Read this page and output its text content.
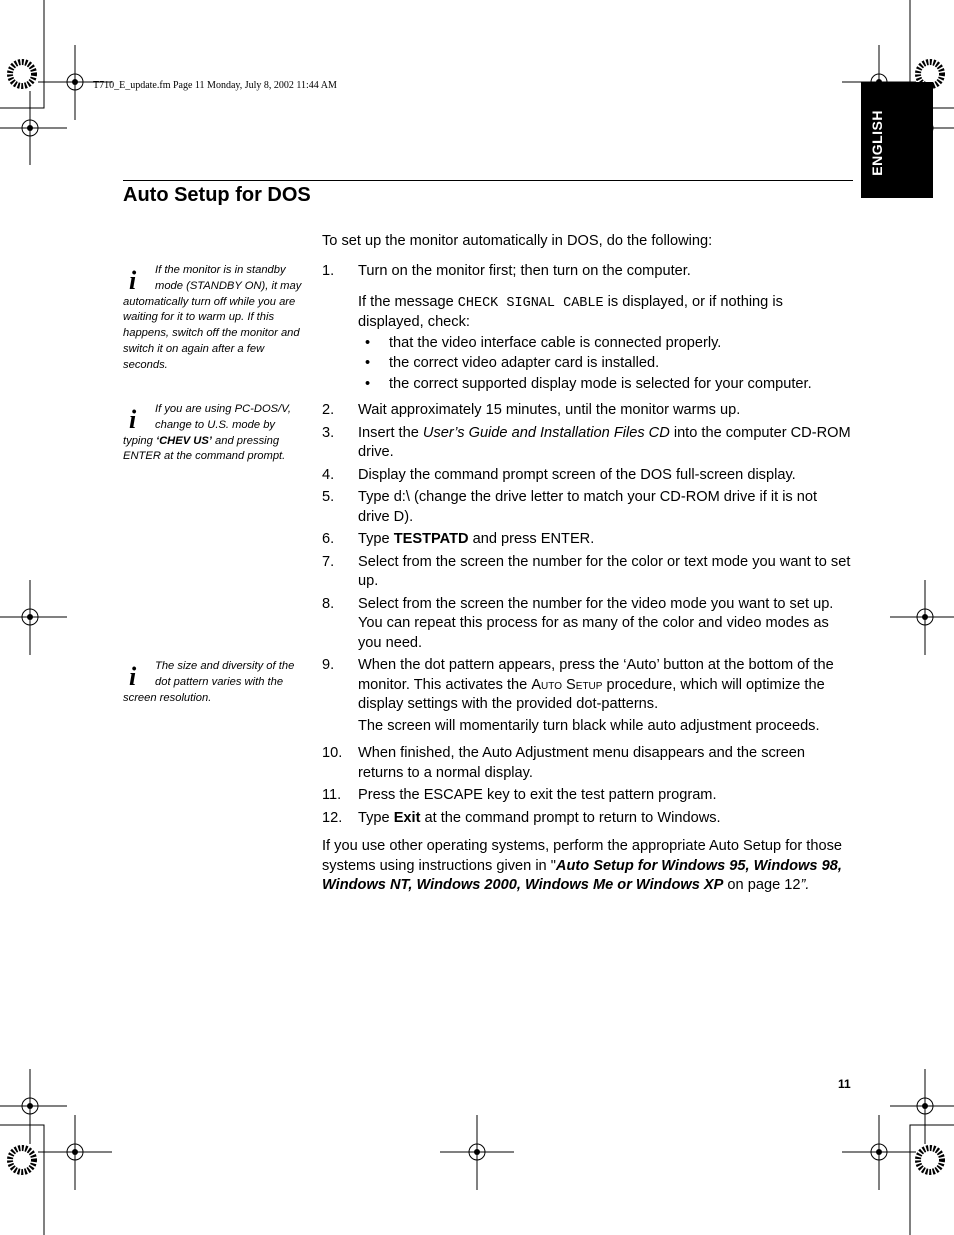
T710_E_update.fm Page 11 Monday, July 8, 2002 11:44 AM
ENGLISH
Auto Setup for DOS
To set up the monitor automatically in DOS, do the following:
i If the monitor is in standby mode (STANDBY ON), it may automatically turn off while you are waiting for it to warm up. If this happens, switch off the monitor and switch it on again after a few seconds.
i If you are using PC-DOS/V, change to U.S. mode by typing ‘CHEV US’ and pressing ENTER at the command prompt.
i The size and diversity of the dot pattern varies with the screen resolution.
1. Turn on the monitor first; then turn on the computer.
If the message CHECK SIGNAL CABLE is displayed, or if nothing is displayed, check:
• that the video interface cable is connected properly.
• the correct video adapter card is installed.
• the correct supported display mode is selected for your computer.
2. Wait approximately 15 minutes, until the monitor warms up.
3. Insert the User’s Guide and Installation Files CD into the computer CD-ROM drive.
4. Display the command prompt screen of the DOS full-screen display.
5. Type d:\ (change the drive letter to match your CD-ROM drive if it is not drive D).
6. Type TESTPATD and press ENTER.
7. Select from the screen the number for the color or text mode you want to set up.
8. Select from the screen the number for the video mode you want to set up. You can repeat this process for as many of the color and video modes as you need.
9. When the dot pattern appears, press the ‘Auto’ button at the bottom of the monitor. This activates the Auto Setup procedure, which will optimize the display settings with the provided dot-patterns.
The screen will momentarily turn black while auto adjustment proceeds.
10. When finished, the Auto Adjustment menu disappears and the screen returns to a normal display.
11. Press the ESCAPE key to exit the test pattern program.
12. Type Exit at the command prompt to return to Windows.
If you use other operating systems, perform the appropriate Auto Setup for those systems using instructions given in "Auto Setup for Windows 95, Windows 98, Windows NT, Windows 2000, Windows Me or Windows XP on page 12”.
11
